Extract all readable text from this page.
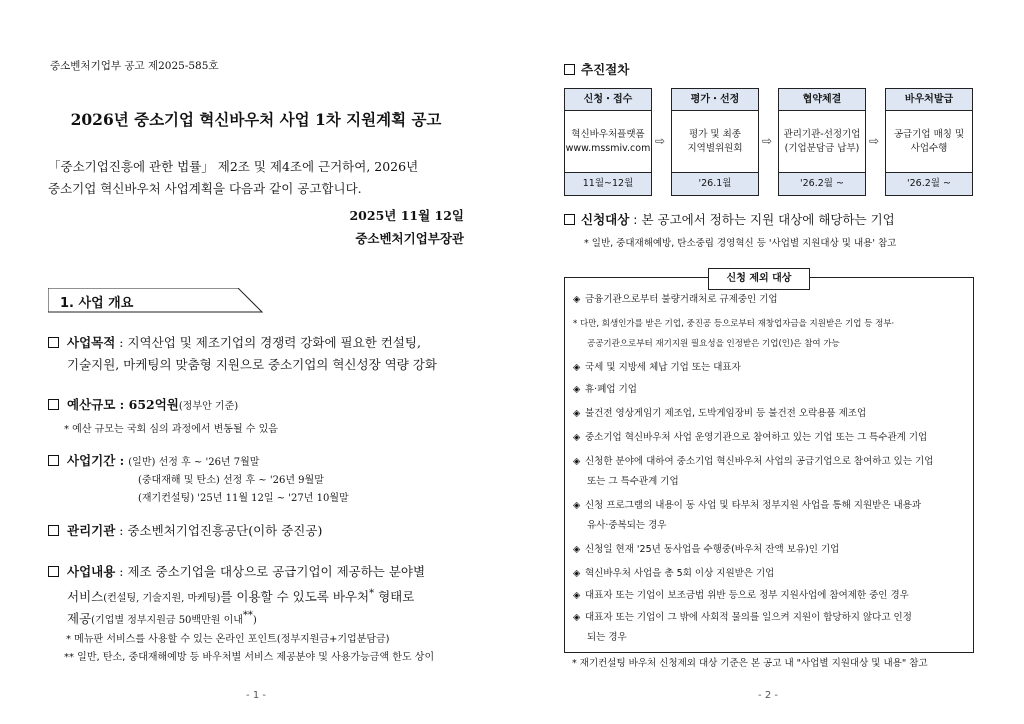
중소벤처기업부 공고 제2025-585호
2026년 중소기업 혁신바우처 사업 1차 지원계획 공고
「중소기업진흥에 관한 법률」 제2조 및 제4조에 근거하여, 2026년
중소기업 혁신바우처 사업계획을 다음과 같이 공고합니다.
2025년 11월 12일
중소벤처기업부장관
1. 사업 개요
사업목적 : 지역산업 및 제조기업의 경쟁력 강화에 필요한 컨설팅,
기술지원, 마케팅의 맞춤형 지원으로 중소기업의 혁신성장 역량 강화
예산규모 : 652억원(정부안 기준)
* 예산 규모는 국회 심의 과정에서 변동될 수 있음
사업기간 : (일반) 선정 후 ~ '26년 7월말
(중대재해 및 탄소) 선정 후 ~ '26년 9월말
(재기컨설팅) '25년 11월 12일 ~ '27년 10월말
관리기관 : 중소벤처기업진흥공단(이하 중진공)
사업내용 : 제조 중소기업을 대상으로 공급기업이 제공하는 분야별
서비스(컨설팅, 기술지원, 마케팅)를 이용할 수 있도록 바우처* 형태로
제공(기업별 정부지원금 50백만원 이내**)
* 메뉴판 서비스를 사용할 수 있는 온라인 포인트(정부지원금+기업분담금)
** 일반, 탄소, 중대재해예방 등 바우처별 서비스 제공분야 및 사용가능금액 한도 상이
- 1 -
추진절차
신청・접수
혁신바우처플랫폼
www.mssmiv.com
11월~12월
⇨
평가・선정
평가 및 최종
지역별위원회
'26.1월
⇨
협약체결
관리기관-선정기업
(기업분담금 납부)
'26.2월 ~
⇨
바우처발급
공급기업 매칭 및
사업수행
'26.2월 ~
신청대상 : 본 공고에서 정하는 지원 대상에 해당하는 기업
* 일반, 중대재해예방, 탄소중립 경영혁신 등 '사업별 지원대상 및 내용' 참고
◈ 금융기관으로부터 불량거래처로 규제중인 기업
* 다만, 회생인가를 받은 기업, 중진공 등으로부터 재창업자금을 지원받은 기업 등 정부·
공공기관으로부터 재기지원 필요성을 인정받은 기업(인)은 참여 가능
◈ 국세 및 지방세 체납 기업 또는 대표자
◈ 휴·폐업 기업
◈ 불건전 영상게임기 제조업, 도박게임장비 등 불건전 오락용품 제조업
◈ 중소기업 혁신바우처 사업 운영기관으로 참여하고 있는 기업 또는 그 특수관계 기업
◈ 신청한 분야에 대하여 중소기업 혁신바우처 사업의 공급기업으로 참여하고 있는 기업
또는 그 특수관계 기업
◈ 신청 프로그램의 내용이 동 사업 및 타부처 정부지원 사업을 통해 지원받은 내용과
유사·중복되는 경우
◈ 신청일 현재 '25년 동사업을 수행중(바우처 잔액 보유)인 기업
◈ 혁신바우처 사업을 총 5회 이상 지원받은 기업
◈ 대표자 또는 기업이 보조금법 위반 등으로 정부 지원사업에 참여제한 중인 경우
◈ 대표자 또는 기업이 그 밖에 사회적 물의를 일으켜 지원이 합당하지 않다고 인정
되는 경우
신청 제외 대상
* 재기컨설팅 바우처 신청제외 대상 기준은 본 공고 내 "사업별 지원대상 및 내용" 참고
- 2 -
